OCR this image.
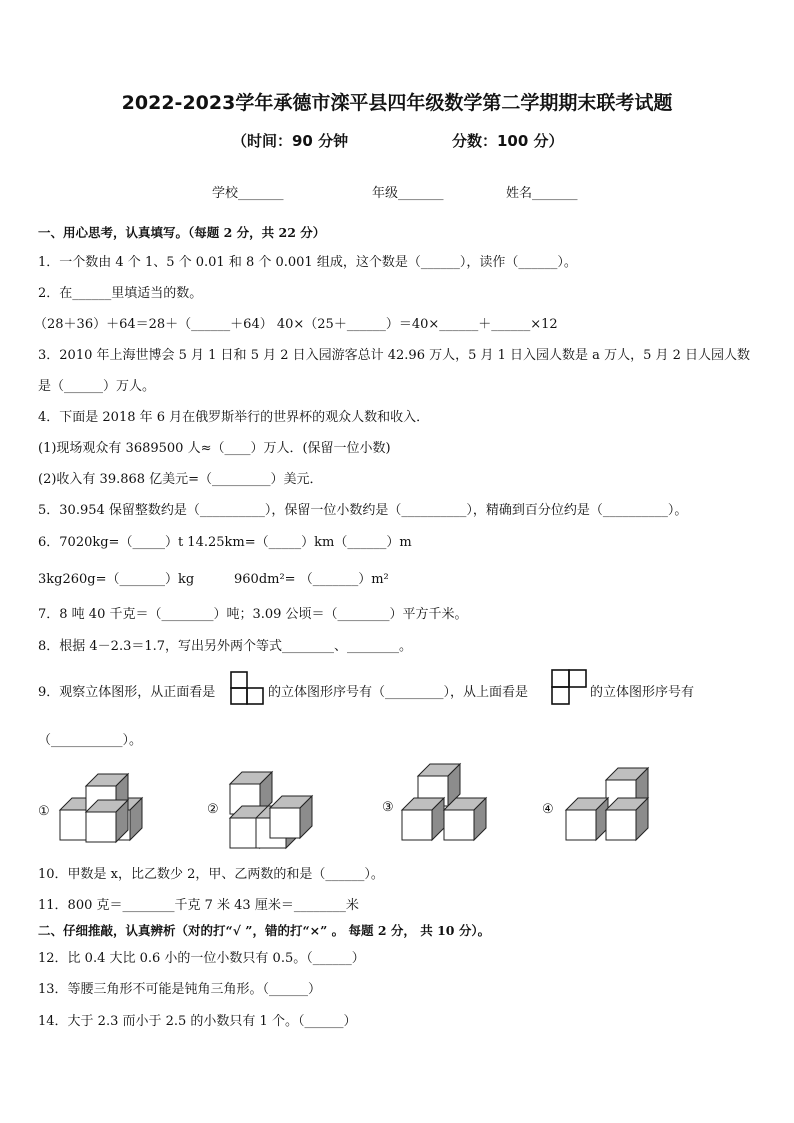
2022-2023学年承德市滦平县四年级数学第二学期期末联考试题
（时间：90 分钟	分数：100 分）
学校_______	年级_______	姓名_______
一、用心思考，认真填写。（每题 2 分，共 22 分）
1．一个数由 4 个 1、5 个 0.01 和 8 个 0.001 组成，这个数是（______），读作（______）。
2．在______里填适当的数。
（28＋36）＋64＝28＋（______＋64） 40×（25＋______）＝40×______＋______×12
3．2010 年上海世博会 5 月 1 日和 5 月 2 日入园游客总计 42.96 万人，5 月 1 日入园人数是 a 万人，5 月 2 日人园人数
是（______）万人。
4．下面是 2018 年 6 月在俄罗斯举行的世界杯的观众人数和收入．
(1)现场观众有 3689500 人≈（____）万人．(保留一位小数)
(2)收入有 39.868 亿美元=（_________）美元．
5．30.954 保留整数约是（__________），保留一位小数约是（__________），精确到百分位约是（__________）。
6．7020kg=（_____）t 14.25km=（_____）km（______）m
3kg260g=（_______）kg	960dm²= （_______）m²
7．8 吨 40 千克＝（________）吨；3.09 公顷＝（________）平方千米。
8．根据 4－2.3＝1.7，写出另外两个等式________、________。
9．观察立体图形，从正面看是	的立体图形序号有（_________），从上面看是	的立体图形序号有
（___________）。
①	②	③	④
10．甲数是 x，比乙数少 2，甲、乙两数的和是（______）。
11．800 克＝________千克 7 米 43 厘米＝________米
二、仔细推敲，认真辨析（对的打“√ ”，错的打“×” 。 每题 2 分， 共 10 分）。
12．比 0.4 大比 0.6 小的一位小数只有 0.5。（______）
13．等腰三角形不可能是钝角三角形。（______）
14．大于 2.3 而小于 2.5 的小数只有 1 个。（______）
